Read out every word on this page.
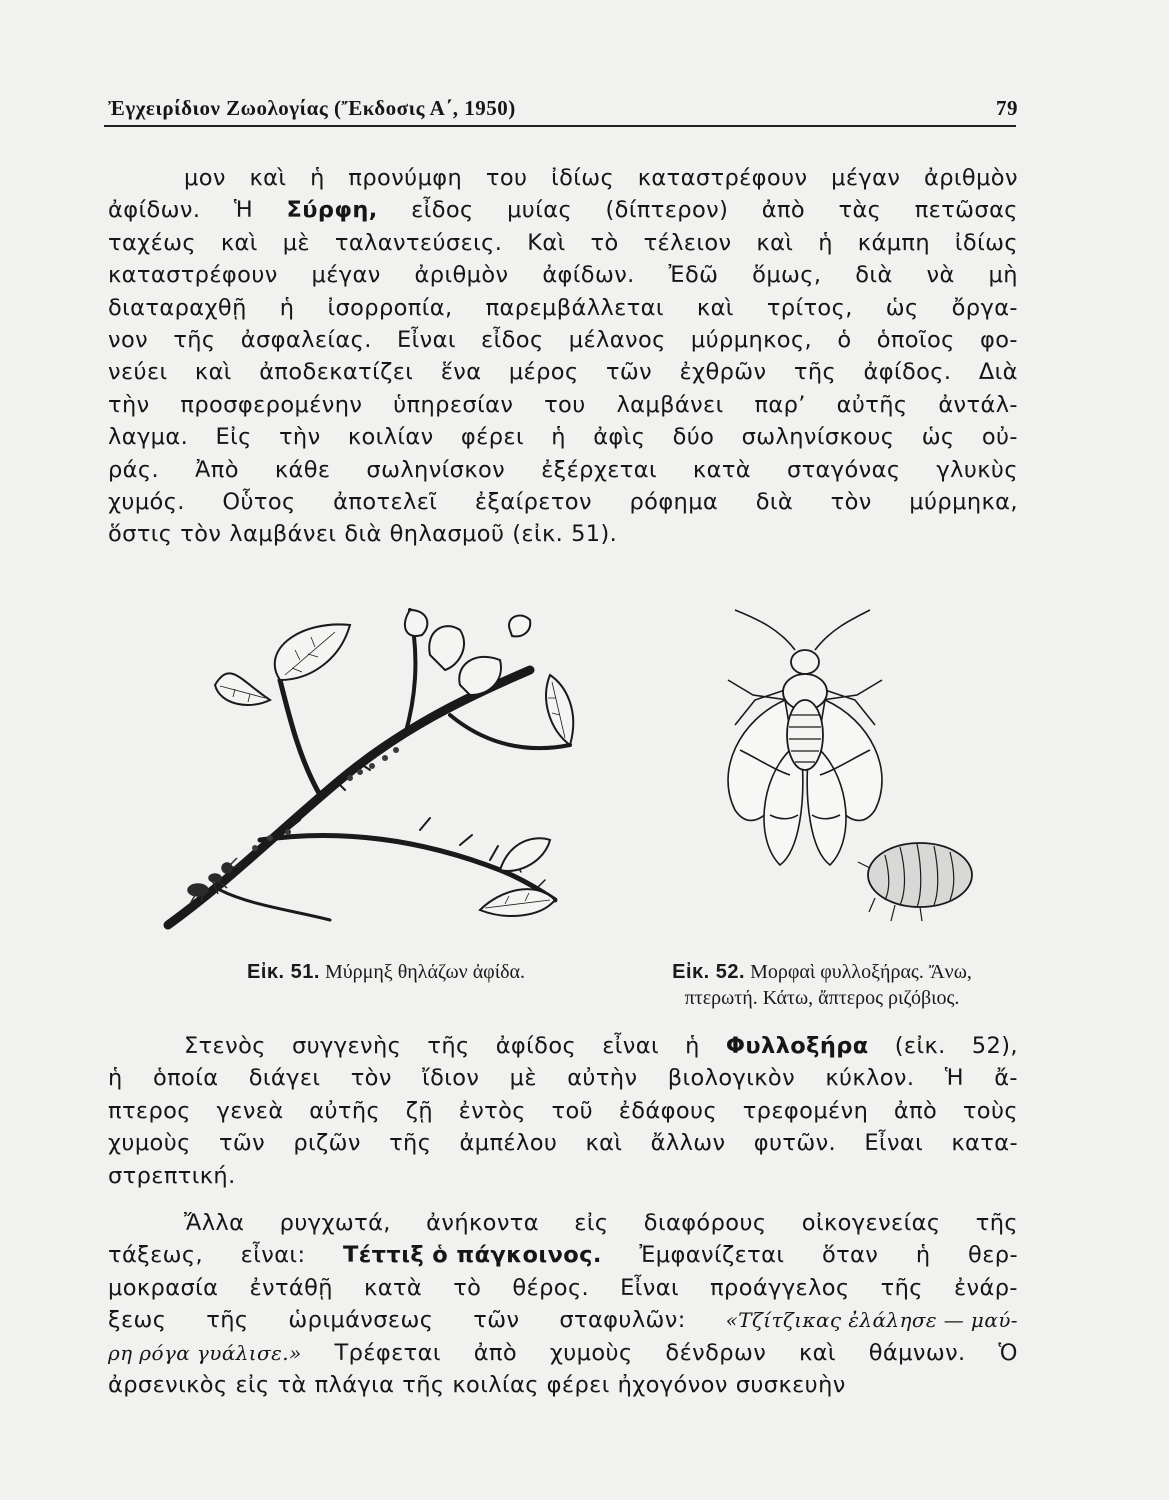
Ἐγχειρίδιον Ζωολογίας (Ἔκδοσις Α΄, 1950)	79
μον καὶ ἡ προνύμφη του ἰδίως καταστρέφουν μέγαν ἀριθμὸν
ἀφίδων. Ἡ Σύρφη, εἶδος μυίας (δίπτερον) ἀπὸ τὰς πετῶσας
ταχέως καὶ μὲ ταλαντεύσεις. Καὶ τὸ τέλειον καὶ ἡ κάμπη ἰδίως
καταστρέφουν μέγαν ἀριθμὸν ἀφίδων. Ἐδῶ ὅμως, διὰ νὰ μὴ
διαταραχθῇ ἡ ἰσορροπία, παρεμβάλλεται καὶ τρίτος, ὡς ὄργα-
νον τῆς ἀσφαλείας. Εἶναι εἶδος μέλανος μύρμηκος, ὁ ὁποῖος φο-
νεύει καὶ ἀποδεκατίζει ἕνα μέρος τῶν ἐχθρῶν τῆς ἀφίδος. Διὰ
τὴν προσφερομένην ὑπηρεσίαν του λαμβάνει παρ’ αὐτῆς ἀντάλ-
λαγμα. Εἰς τὴν κοιλίαν φέρει ἡ ἀφὶς δύο σωληνίσκους ὡς οὐ-
ράς. Ἀπὸ κάθε σωληνίσκον ἐξέρχεται κατὰ σταγόνας γλυκὺς
χυμός. Οὗτος ἀποτελεῖ ἐξαίρετον ρόφημα διὰ τὸν μύρμηκα,
ὅστις τὸν λαμβάνει διὰ θηλασμοῦ (εἰκ. 51).
Εἰκ. 51. Μύρμηξ θηλάζων ἀφίδα.	Εἰκ. 52. Μορφαὶ φυλλοξήρας. Ἄνω,
πτερωτή. Κάτω, ἄπτερος ριζόβιος.
Στενὸς συγγενὴς τῆς ἀφίδος εἶναι ἡ Φυλλοξήρα (εἰκ. 52),
ἡ ὁποία διάγει τὸν ἴδιον μὲ αὐτὴν βιολογικὸν κύκλον. Ἡ ἄ-
πτερος γενεὰ αὐτῆς ζῇ ἐντὸς τοῦ ἐδάφους τρεφομένη ἀπὸ τοὺς
χυμοὺς τῶν ριζῶν τῆς ἀμπέλου καὶ ἄλλων φυτῶν. Εἶναι κατα-
στρεπτική.
Ἄλλα ρυγχωτά, ἀνήκοντα εἰς διαφόρους οἰκογενείας τῆς
τάξεως, εἶναι: Τέττιξ ὁ πάγκοινος. Ἐμφανίζεται ὅταν ἡ θερ-
μοκρασία ἐντάθῇ κατὰ τὸ θέρος. Εἶναι προάγγελος τῆς ἐνάρ-
ξεως τῆς ὡριμάνσεως τῶν σταφυλῶν: «Τζίτζικας ἐλάλησε — μαύ-
ρη ρόγα γυάλισε.» Τρέφεται ἀπὸ χυμοὺς δένδρων καὶ θάμνων. Ὁ
ἀρσενικὸς εἰς τὰ πλάγια τῆς κοιλίας φέρει ἠχογόνον συσκευὴν
